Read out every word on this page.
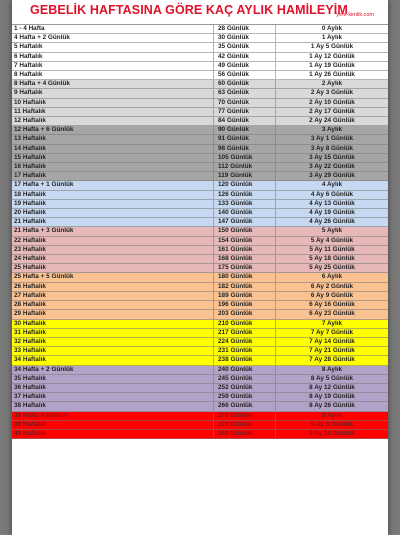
GEBELİK HAFTASINA GÖRE KAÇ AYLIK HAMİLEYİM
yeni-kimlik.com
1 - 4 Hafta	28 Günlük	0 Aylık
4 Hafta + 2 Günlük	30 Günlük	1 Aylık
5 Haftalık	35 Günlük	1 Ay 5 Günlük
6 Haftalık	42 Günlük	1 Ay 12 Günlük
7 Haftalık	49 Günlük	1 Ay 19 Günlük
8 Haftalık	56 Günlük	1 Ay 26 Günlük
8 Hafta + 4 Günlük	60 Günlük	2 Aylık
9 Haftalık	63 Günlük	2 Ay 3 Günlük
10 Haftalık	70 Günlük	2 Ay 10 Günlük
11 Haftalık	77 Günlük	2 Ay 17 Günlük
12 Haftalık	84 Günlük	2 Ay 24 Günlük
12 Hafta + 6 Günlük	90 Günlük	3 Aylık
13 Haftalık	91 Günlük	3 Ay 1 Günlük
14 Haftalık	98 Günlük	3 Ay 8 Günlük
15 Haftalık	105 Günlük	3 Ay 15 Günlük
16 Haftalık	112 Günlük	3 Ay 22 Günlük
17 Haftalık	119 Günlük	3 Ay 29 Günlük
17 Hafta + 1 Günlük	120 Günlük	4 Aylık
18 Haftalık	126 Günlük	4 Ay 6 Günlük
19 Haftalık	133 Günlük	4 Ay 13 Günlük
20 Haftalık	140 Günlük	4 Ay 19 Günlük
21 Haftalık	147 Günlük	4 Ay 26 Günlük
21 Hafta + 3 Günlük	150 Günlük	5 Aylık
22 Haftalık	154 Günlük	5 Ay 4 Günlük
23 Haftalık	161 Günlük	5 Ay 11 Günlük
24 Haftalık	168 Günlük	5 Ay 18 Günlük
25 Haftalık	175 Günlük	5 Ay 25 Günlük
25 Hafta + 5 Günlük	180 Günlük	6 Aylık
26 Haftalık	182 Günlük	6 Ay 2 Günlük
27 Haftalık	189 Günlük	6 Ay 9 Günlük
28 Haftalık	196 Günlük	6 Ay 16 Günlük
29 Haftalık	203 Günlük	6 Ay 23 Günlük
30 Haftalık	210 Günlük	7 Aylık
31 Haftalık	217 Günlük	7 Ay 7 Günlük
32 Haftalık	224 Günlük	7 Ay 14 Günlük
33 Haftalık	231 Günlük	7 Ay 21 Günlük
34 Haftalık	238 Günlük	7 Ay 28 Günlük
34 Hafta + 2 Günlük	240 Günlük	8 Aylık
35 Haftalık	245 Günlük	8 Ay 5 Günlük
36 Haftalık	252 Günlük	8 Ay 12 Günlük
37 Haftalık	259 Günlük	8 Ay 19 Günlük
38 Haftalık	266 Günlük	8 Ay 26 Günlük
38 Hafta 4 Günlük	270 Günlük	9 Aylık
39 Haftalık	273 Günlük	9 Ay 3 Günlük
40 Haftalık	280 Günlük	9 Ay 10 Günlük
